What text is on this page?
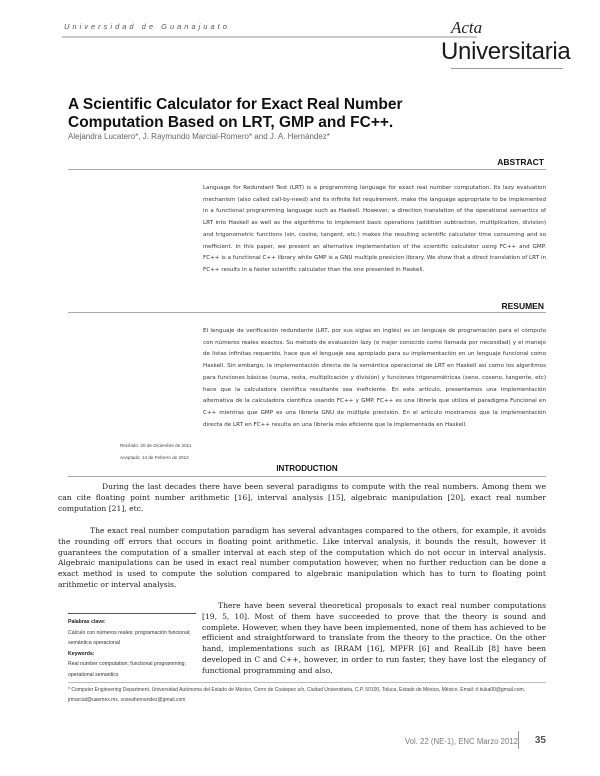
Universidad de Guanajuato	Acta
Universitaria
A Scientific Calculator for Exact Real Number Computation Based on LRT, GMP and FC++.
Alejandra Lucatero*, J. Raymundo Marcial-Romero* and J. A. Hernández*
ABSTRACT
Language for Redundant Test (LRT) is a programming language for exact real number computation. Its lazy evaluation mechanism (also called call-by-need) and its infinite list requirement, make the language appropriate to be implemented in a functional programming language such as Haskell. However, a direction translation of the operational semantics of LRT into Haskell as well as the algorithms to implement basic operations (addition subtraction, multiplication, division) and trigonometric functions (sin, cosine, tangent, etc.) makes the resulting scientific calculator time consuming and so inefficient. In this paper, we present an alternative implementation of the scientific calculator using FC++ and GMP. FC++ is a functional C++ library while GMP is a GNU multiple presicion library. We show that a direct translation of LRT in FC++ results in a faster scientific calculator than the one presented in Haskell.
RESUMEN
El lenguaje de verificación redundante (LRT, por sus siglas en inglés) es un lenguaje de programación para el cómputo con números reales exactos. Su método de evaluación lazy (o mejor conocido como llamada por necesidad) y el manejo de listas infinitas requerido, hace que el lenguaje sea apropiado para su implementación en un lenguaje funcional como Haskell. Sin embargo, la implementación directa de la semántica operacional de LRT en Haskell así como los algoritmos para funciones básicas (suma, resta, multiplicación y división) y funciones trigonométricas (seno, coseno, tangente, etc) hace que la calculadora científica resultante sea ineficiente. En este artículo, presentamos una implementación alternativa de la calculadora científica usando FC++ y GMP. FC++ es una librería que utiliza el paradigma Funcional en C++ mientras que GMP es una librería GNU de múltiple precisión. En el artículo mostramos que la implementación directa de LRT en FC++ resulta en una librería más eficiente que la implementada en Haskell.
Recibido: 20 de Diciembre de 2011
Aceptado: 14 de Febrero de 2012
INTRODUCTION
During the last decades there have been several paradigms to compute with the real numbers. Among them we can cite floating point number arithmetic [16], interval analysis [15], algebraic manipulation [20], exact real number computation [21], etc.
The exact real number computation paradigm has several advantages compared to the others, for example, it avoids the rounding off errors that occurs in floating point arithmetic. Like interval analysis, it bounds the result, however it guarantees the computation of a smaller interval at each step of the computation which do not occur in interval analysis. Algebraic manipulations can be used in exact real number computation however, when no further reduction can be done a exact method is used to compute the solution compared to algebraic manipulation which has to turn to floating point arithmetic or interval analysis.
There have been several theoretical proposals to exact real number computations [19, 5, 10]. Most of them have succeeded to prove that the theory is sound and complete. However, when they have been implemented, none of them has achieved to be efficient and straightforward to translate from the theory to the practice. On the other hand, implementations such as IRRAM [16], MPFR [6] and RealLib [8] have been developed in C and C++, however, in order to run faster, they have lost the elegancy of functional programming and also,
Palabras clave:
Cálculo con números reales; programación funcional; semántica operacional
Keywords:
Real number computation; functional programming; operational semantics
* Computer Engineering Department, Universidad Autónoma del Estado de México, Cerro de Coatepec s/n, Ciudad Universitaria, C.P. 50100, Toluca, Estado de México, México. Email: rl.tiuka00@gmail.com, jrmarcial@uaemex.mx, xoseahernandez@gmail.com
Vol. 22 (NE-1), ENC Marzo 2012 35
